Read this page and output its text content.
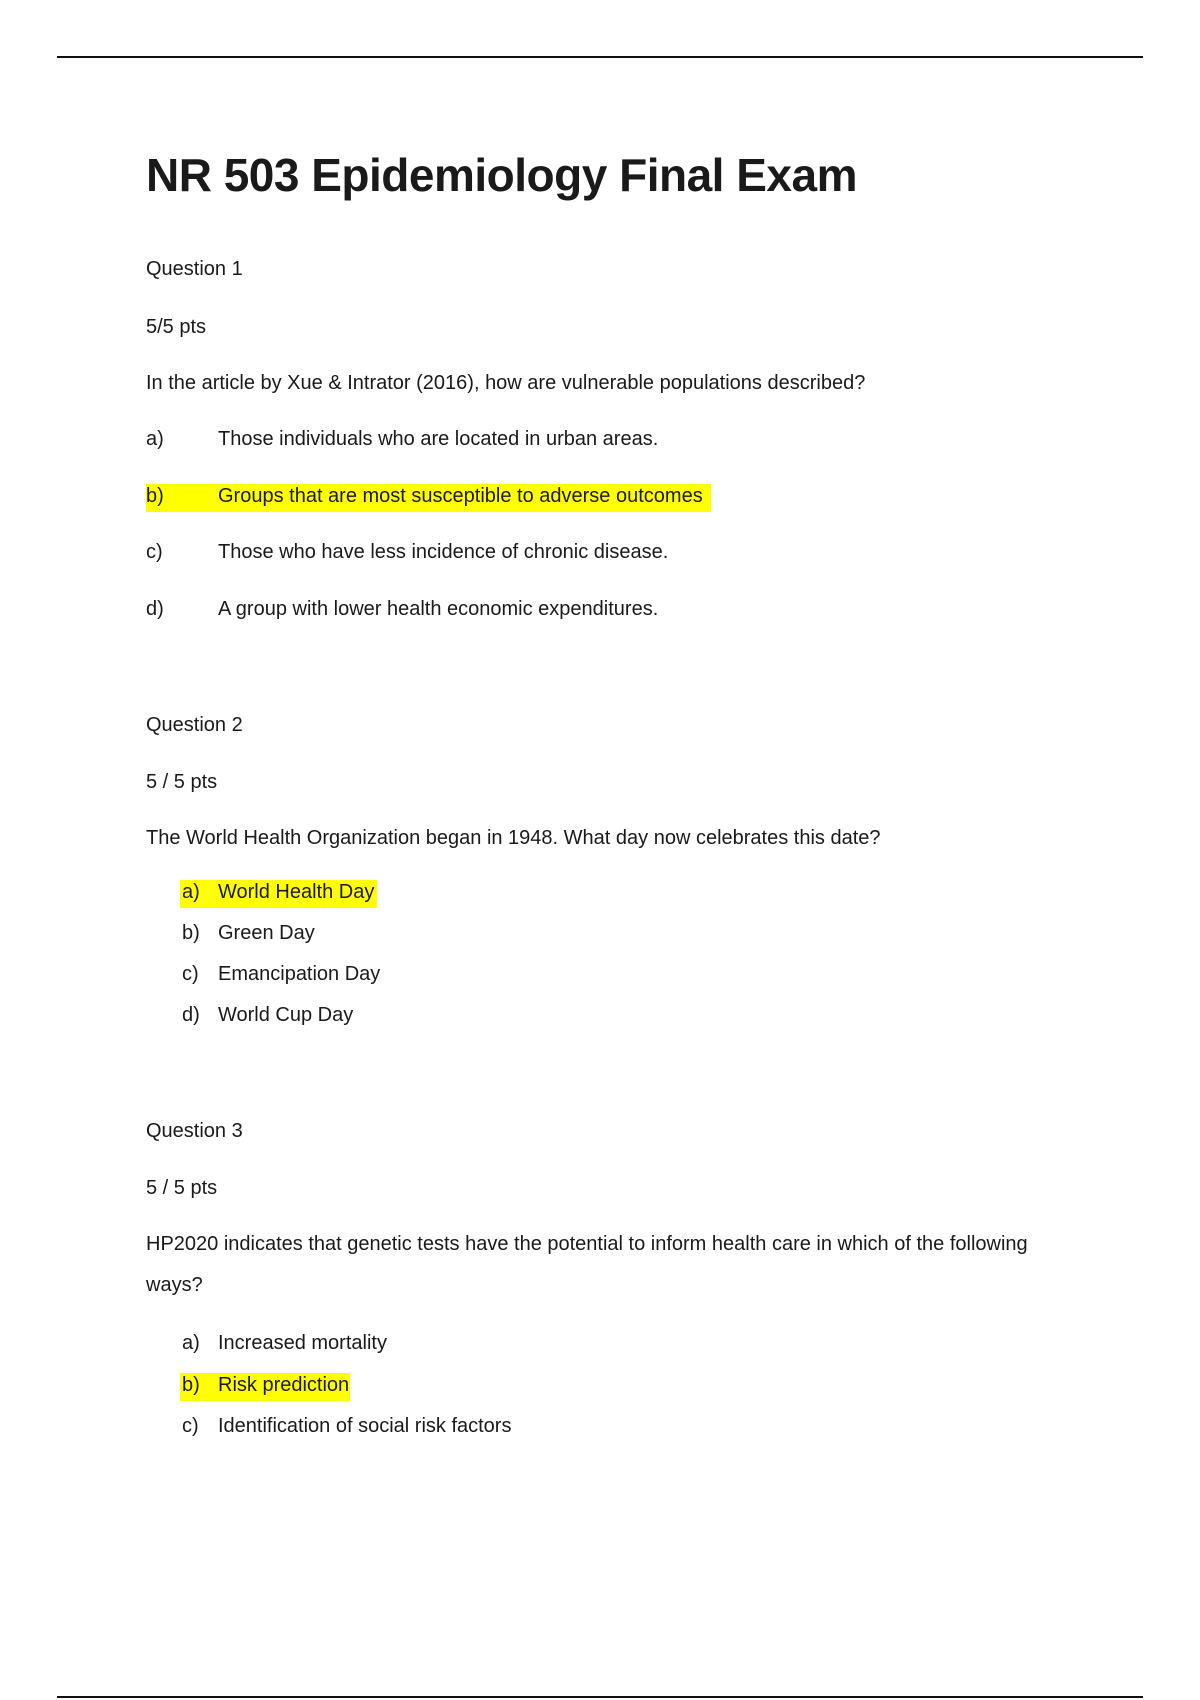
NR 503 Epidemiology Final Exam
Question 1
5/5 pts
In the article by Xue & Intrator (2016), how are vulnerable populations described?
a)	Those individuals who are located in urban areas.
b)	Groups that are most susceptible to adverse outcomes
c)	Those who have less incidence of chronic disease.
d)	A group with lower health economic expenditures.
Question 2
5 / 5 pts
The World Health Organization began in 1948. What day now celebrates this date?
a) World Health Day
b) Green Day
c) Emancipation Day
d) World Cup Day
Question 3
5 / 5 pts
HP2020 indicates that genetic tests have the potential to inform health care in which of the following ways?
a) Increased mortality
b) Risk prediction
c) Identification of social risk factors
